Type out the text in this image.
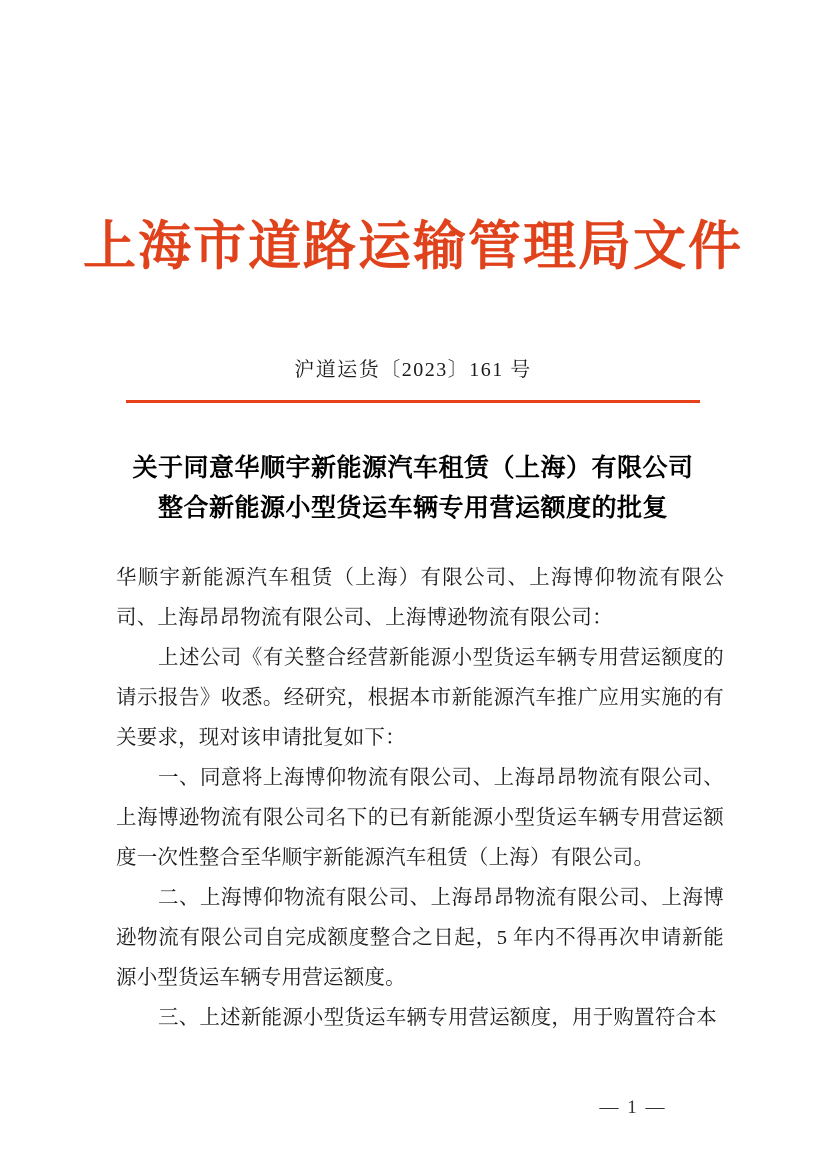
上海市道路运输管理局文件
沪道运货〔2023〕161 号
关于同意华顺宇新能源汽车租赁（上海）有限公司
整合新能源小型货运车辆专用营运额度的批复

华顺宇新能源汽车租赁（上海）有限公司、上海博仰物流有限公司、上海昂昂物流有限公司、上海博逊物流有限公司：

上述公司《有关整合经营新能源小型货运车辆专用营运额度的请示报告》收悉。经研究，根据本市新能源汽车推广应用实施的有关要求，现对该申请批复如下：

一、同意将上海博仰物流有限公司、上海昂昂物流有限公司、上海博逊物流有限公司名下的已有新能源小型货运车辆专用营运额度一次性整合至华顺宇新能源汽车租赁（上海）有限公司。

二、上海博仰物流有限公司、上海昂昂物流有限公司、上海博逊物流有限公司自完成额度整合之日起，5 年内不得再次申请新能源小型货运车辆专用营运额度。

三、上述新能源小型货运车辆专用营运额度，用于购置符合本

— 1 —
